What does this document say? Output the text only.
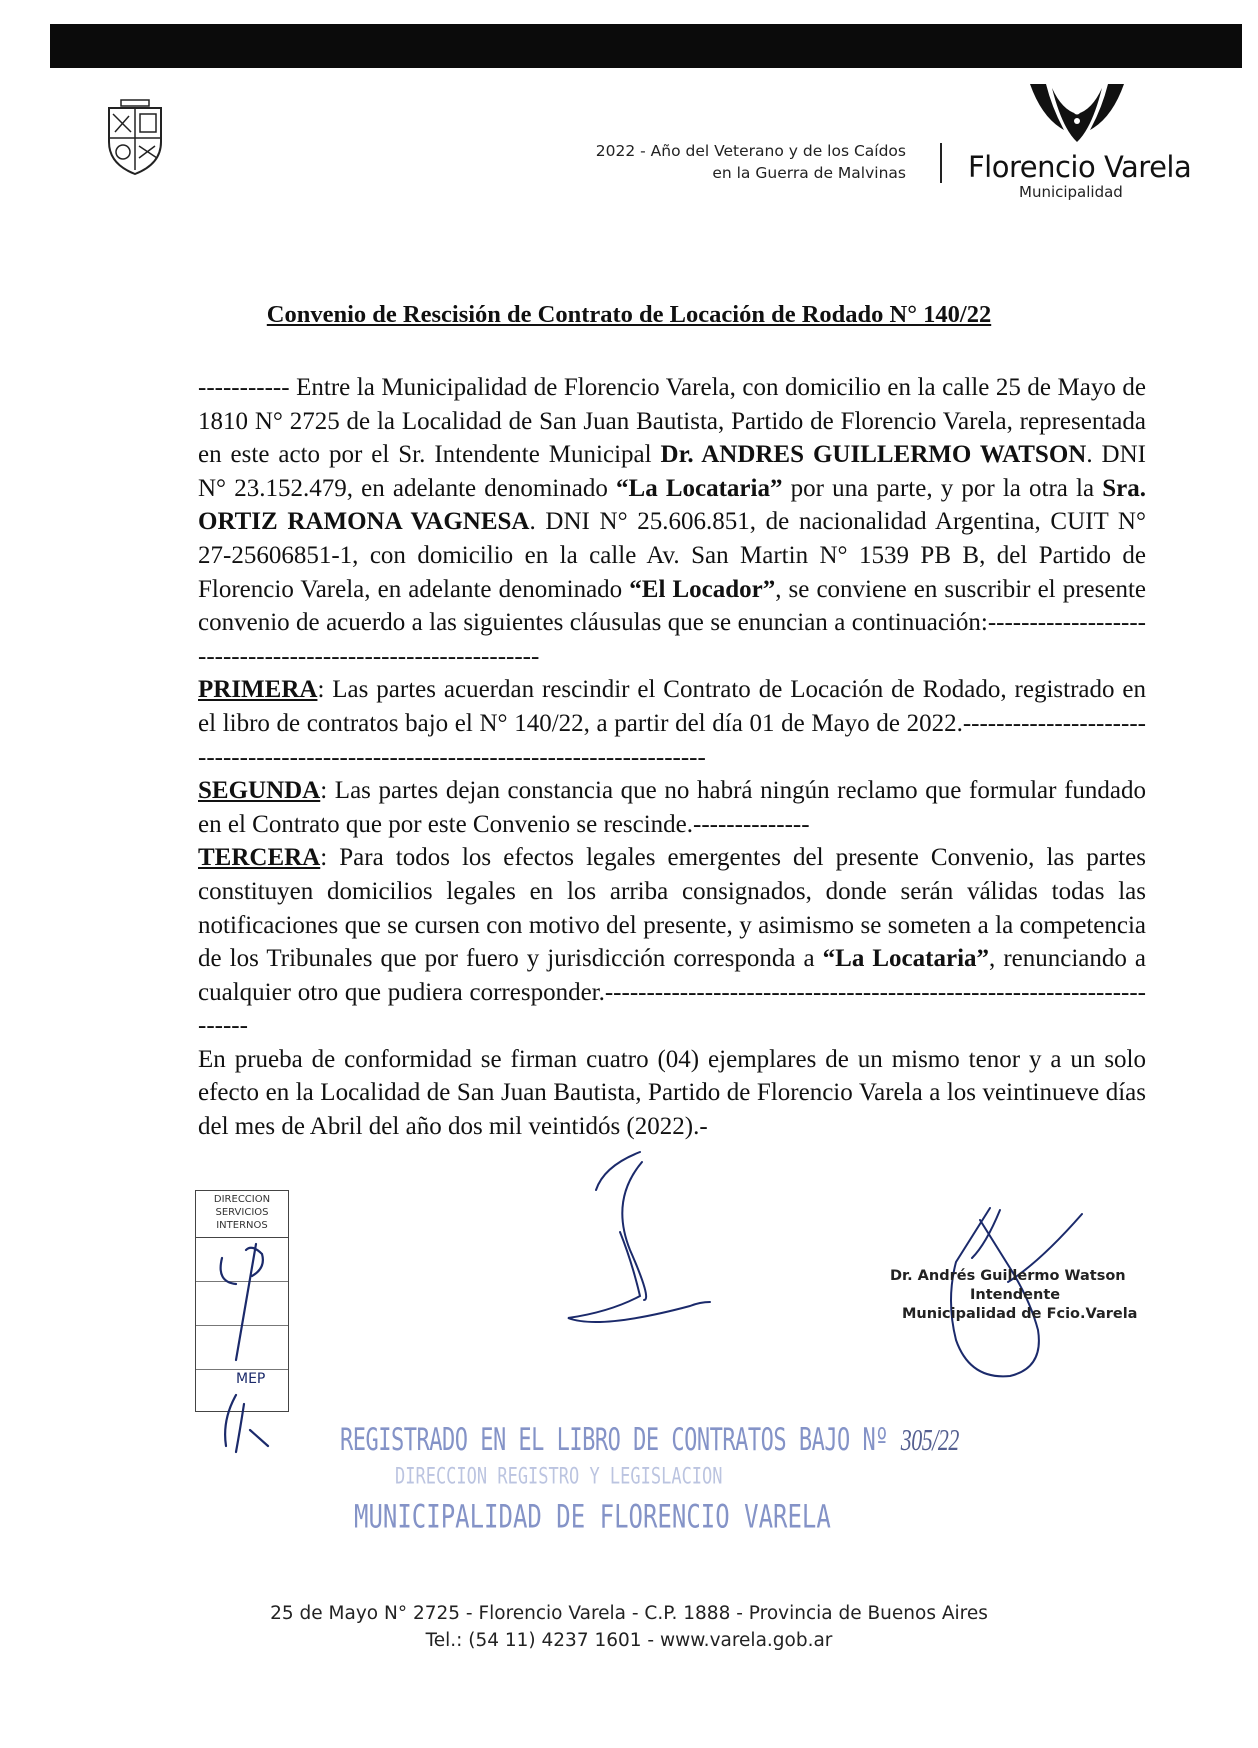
2022 - Año del Veterano y de los Caídos
en la Guerra de Malvinas Florencio Varela
Municipalidad
Convenio de Rescisión de Contrato de Locación de Rodado N° 140/22

----------- Entre la Municipalidad de Florencio Varela, con domicilio en la calle 25 de Mayo de 1810 N° 2725 de la Localidad de San Juan Bautista, Partido de Florencio Varela, representada en este acto por el Sr. Intendente Municipal Dr. ANDRES GUILLERMO WATSON. DNI N° 23.152.479, en adelante denominado “La Locataria” por una parte, y por la otra la Sra. ORTIZ RAMONA VAGNESA. DNI N° 25.606.851, de nacionalidad Argentina, CUIT N° 27-25606851-1, con domicilio en la calle Av. San Martin N° 1539 PB B, del Partido de Florencio Varela, en adelante denominado “El Locador”, se conviene en suscribir el presente convenio de acuerdo a las siguientes cláusulas que se enuncian a continuación:------------------------------------------------------------

PRIMERA: Las partes acuerdan rescindir el Contrato de Locación de Rodado, registrado en el libro de contratos bajo el N° 140/22, a partir del día 01 de Mayo de 2022.-----------------------------------------------------------------------------------

SEGUNDA: Las partes dejan constancia que no habrá ningún reclamo que formular fundado en el Contrato que por este Convenio se rescinde.--------------

TERCERA: Para todos los efectos legales emergentes del presente Convenio, las partes constituyen domicilios legales en los arriba consignados, donde serán válidas todas las notificaciones que se cursen con motivo del presente, y asimismo se someten a la competencia de los Tribunales que por fuero y jurisdicción corresponda a “La Locataria”, renunciando a cualquier otro que pudiera corresponder.-----------------------------------------------------------------------

En prueba de conformidad se firman cuatro (04) ejemplares de un mismo tenor y a un solo efecto en la Localidad de San Juan Bautista, Partido de Florencio Varela a los veintinueve días del mes de Abril del año dos mil veintidós (2022).-

DIRECCION
SERVICIOS
INTERNOS
MEP
Dr. Andrés Guillermo Watson
Intendente
Municipalidad de Fcio.Varela
REGISTRADO EN EL LIBRO DE CONTRATOS BAJO Nº 305/22
DIRECCION REGISTRO Y LEGISLACION
MUNICIPALIDAD DE FLORENCIO VARELA
25 de Mayo N° 2725 - Florencio Varela - C.P. 1888 - Provincia de Buenos Aires
Tel.: (54 11) 4237 1601 - www.varela.gob.ar
